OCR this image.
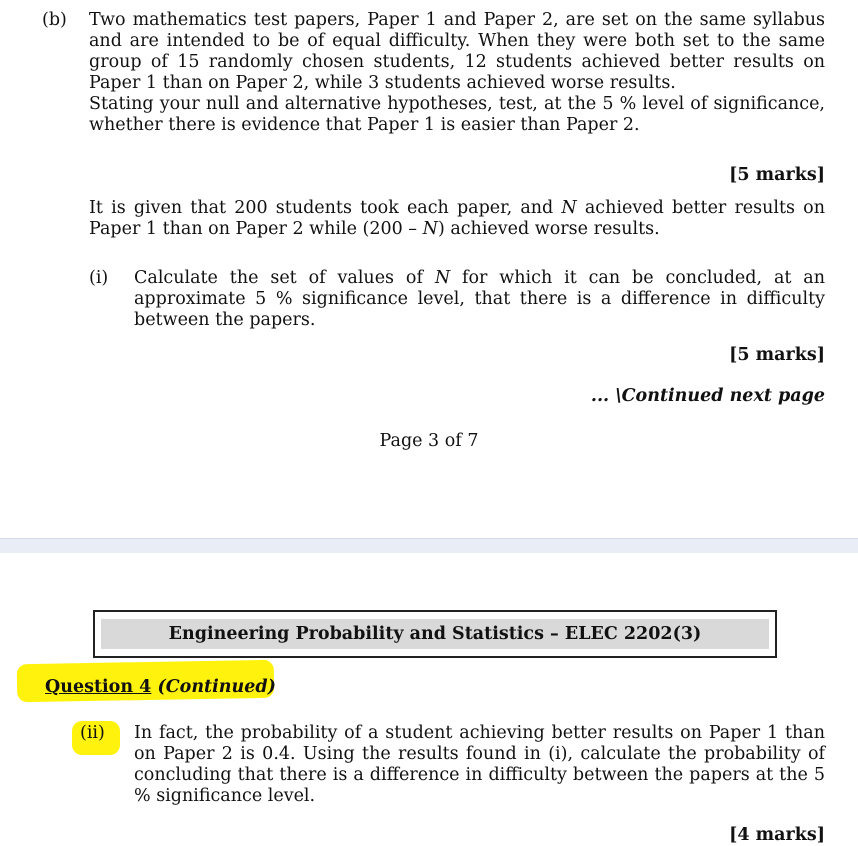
(b) Two mathematics test papers, Paper 1 and Paper 2, are set on the same syllabus and are intended to be of equal difficulty. When they were both set to the same group of 15 randomly chosen students, 12 students achieved better results on Paper 1 than on Paper 2, while 3 students achieved worse results.
Stating your null and alternative hypotheses, test, at the 5 % level of significance, whether there is evidence that Paper 1 is easier than Paper 2.
[5 marks]
It is given that 200 students took each paper, and N achieved better results on Paper 1 than on Paper 2 while (200 – N) achieved worse results.
(i) Calculate the set of values of N for which it can be concluded, at an approximate 5 % significance level, that there is a difference in difficulty between the papers.
[5 marks]
... \Continued next page
Page 3 of 7
Engineering Probability and Statistics – ELEC 2202(3)
Question 4 (Continued)
(ii) In fact, the probability of a student achieving better results on Paper 1 than on Paper 2 is 0.4. Using the results found in (i), calculate the probability of concluding that there is a difference in difficulty between the papers at the 5 % significance level.
[4 marks]
